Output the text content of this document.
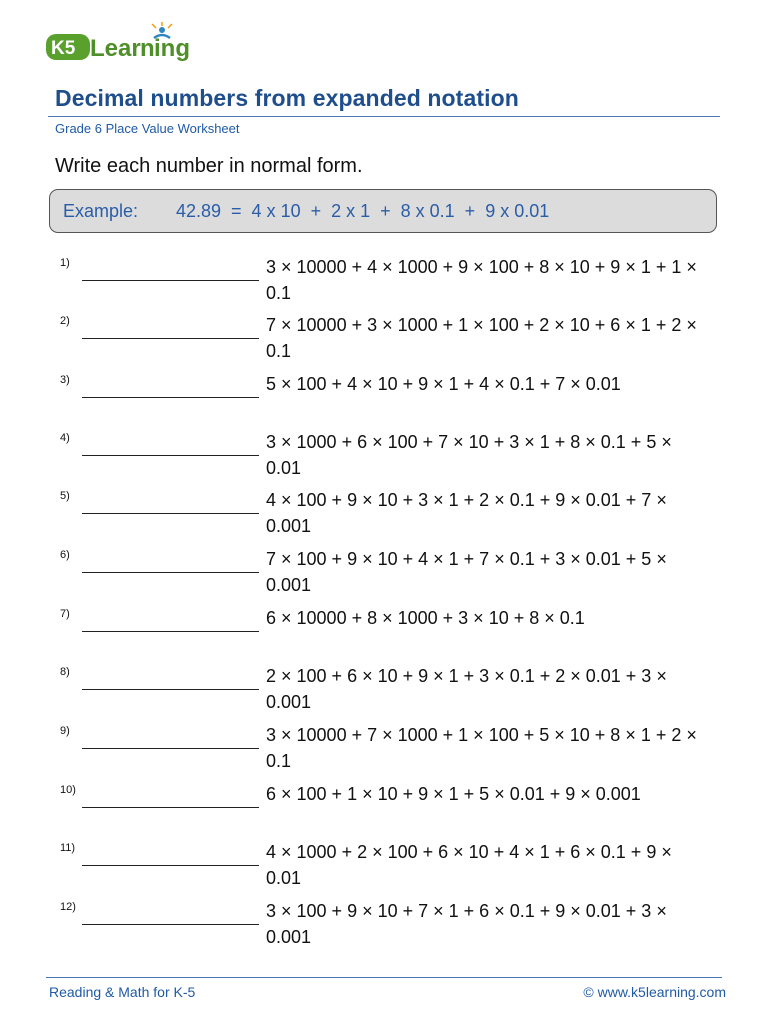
K5 Lear n ing
Decimal numbers from expanded notation
Grade 6 Place Value Worksheet
Write each number in normal form.
Example: 42.89  =  4 x 10  +  2 x 1  +  8 x 0.1  +  9 x 0.01
1)	3 × 10000 + 4 × 1000 + 9 × 100 + 8 × 10 + 9 × 1 + 1 × 0.1
2)	7 × 10000 + 3 × 1000 + 1 × 100 + 2 × 10 + 6 × 1 + 2 × 0.1
3)	5 × 100 + 4 × 10 + 9 × 1 + 4 × 0.1 + 7 × 0.01
4)	3 × 1000 + 6 × 100 + 7 × 10 + 3 × 1 + 8 × 0.1 + 5 × 0.01
5)	4 × 100 + 9 × 10 + 3 × 1 + 2 × 0.1 + 9 × 0.01 + 7 × 0.001
6)	7 × 100 + 9 × 10 + 4 × 1 + 7 × 0.1 + 3 × 0.01 + 5 × 0.001
7)	6 × 10000 + 8 × 1000 + 3 × 10 + 8 × 0.1
8)	2 × 100 + 6 × 10 + 9 × 1 + 3 × 0.1 + 2 × 0.01 + 3 × 0.001
9)	3 × 10000 + 7 × 1000 + 1 × 100 + 5 × 10 + 8 × 1 + 2 × 0.1
10)	6 × 100 + 1 × 10 + 9 × 1 + 5 × 0.01 + 9 × 0.001
11)	4 × 1000 + 2 × 100 + 6 × 10 + 4 × 1 + 6 × 0.1 + 9 × 0.01
12)	3 × 100 + 9 × 10 + 7 × 1 + 6 × 0.1 + 9 × 0.01 + 3 × 0.001
Reading & Math for K-5	© www.k5learning.com
